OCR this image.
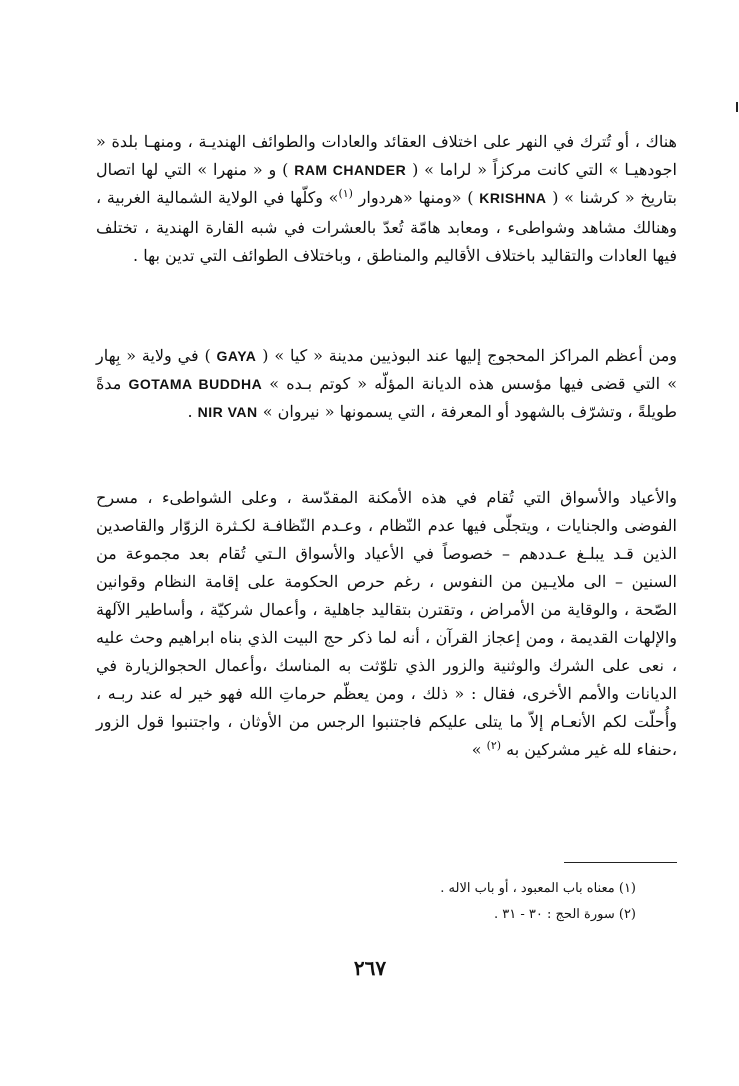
هناك ، أو تُترك في النهر على اختلاف العقائد والعادات والطوائف الهنديـة ، ومنهـا بلدة « اجودهيـا » التي كانت مركزاً « لراما » ( RAM CHANDER ) و « منهرا » التي لها اتصال بتاريخ « كرشنا » ( KRISHNA ) «ومنها «هردوار $^{(١)}$» وكلّها في الولاية الشمالية الغربية ، وهنالك مشاهد وشواطىء ، ومعابد هامّة تُعدّ بالعشرات في شبه القارة الهندية ، تختلف فيها العادات والتقاليد باختلاف الأقاليم والمناطق ، وباختلاف الطوائف التي تدين بها .

ومن أعظم المراكز المحجوج إليها عند البوذيين مدينة « كيا » ( GAYA ) في ولاية « بِهار » التي قضى فيها مؤسس هذه الديانة المؤلّه « كوتم بـده » GOTAMA BUDDHA مدةً طويلةً ، وتشرّف بالشهود أو المعرفة ، التي يسمونها « نيروان » NIR VAN .

والأعياد والأسواق التي تُقام في هذه الأمكنة المقدّسة ، وعلى الشواطىء ، مسرح الفوضى والجنايات ، ويتجلّى فيها عدم النّظام ، وعـدم النّظافـة لكـثرة الزوّار والقاصدين الذين قـد يبلـغ عـددهم – خصوصاً في الأعياد والأسواق الـتي تُقام بعد مجموعة من السنين – الى ملايـين من النفوس ، رغم حرص الحكومة على إقامة النظام وقوانين الصّحة ، والوقاية من الأمراض ، وتقترن بتقاليد جاهلية ، وأعمال شركيّة ، وأساطير الآلهة والإلهات القديمة ، ومن إعجاز القرآن ، أنه لما ذكر حج البيت الذي بناه ابراهيم وحث عليه ، نعى على الشرك والوثنية والزور الذي تلوّثت به المناسك ،وأعمال الحجوالزيارة في الديانات والأمم الأخرى، فقال : « ذلك ، ومن يعظّم حرماتِ الله فهو خير له عند ربـه ، وأُحلّت لكم الأنعـام إلاّ ما يتلى عليكم فاجتنبوا الرجس من الأوثان ، واجتنبوا قول الزور ،حنفاء لله غير مشركين به $^{(٢)}$ »

(١) معناه باب المعبود ، أو باب الاله .

(٢) سورة الحج : ٣٠ - ٣١ .

٢٦٧
